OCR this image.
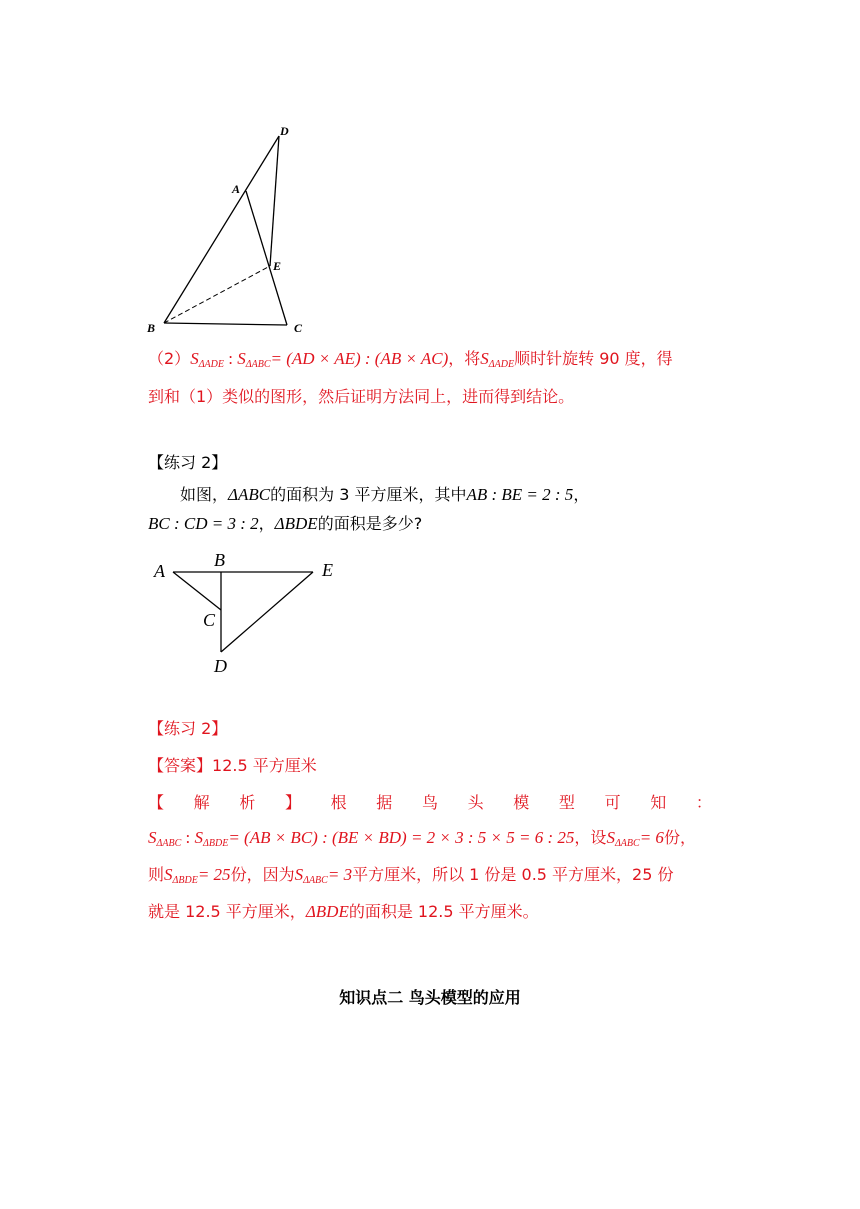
D
A
E
B	C
$(2)S_{\Delta ADE}$ : $S_{\Delta ABC}= (AD \times AE)$ : (AB × AC)，将$S_{\Delta ADE}$顺时针旋转 90 度，得
到和（1）类似的图形，然后证明方法同上，进而得到结论。
【练习 2】
如图，ΔABC的面积为 3 平方厘米，其中AB : BE = 2 : 5，
BC : CD = 3 : 2，ΔBDE的面积是多少?
A
B	E
C
D
【练习 2】
【答案】12.5 平方厘米
【 解 析 】 根 据 鸟 头 模 型 可 知 ：
$S_{\Delta ABC}$ : $S_{\Delta BDE}= (AB \times BC)$ : (BE × BD) = 2 × 3 : 5 × 5 = 6 : 25，设$S_{\Delta ABC}= 6$份，
则$S_{\Delta BDE}= 25$份，因为$S_{\Delta ABC}= 3$平方厘米，所以 1 份是 0.5 平方厘米，25 份
就是 12.5 平方厘米，ΔBDE的面积是 12.5 平方厘米。
知识点二 鸟头模型的应用
